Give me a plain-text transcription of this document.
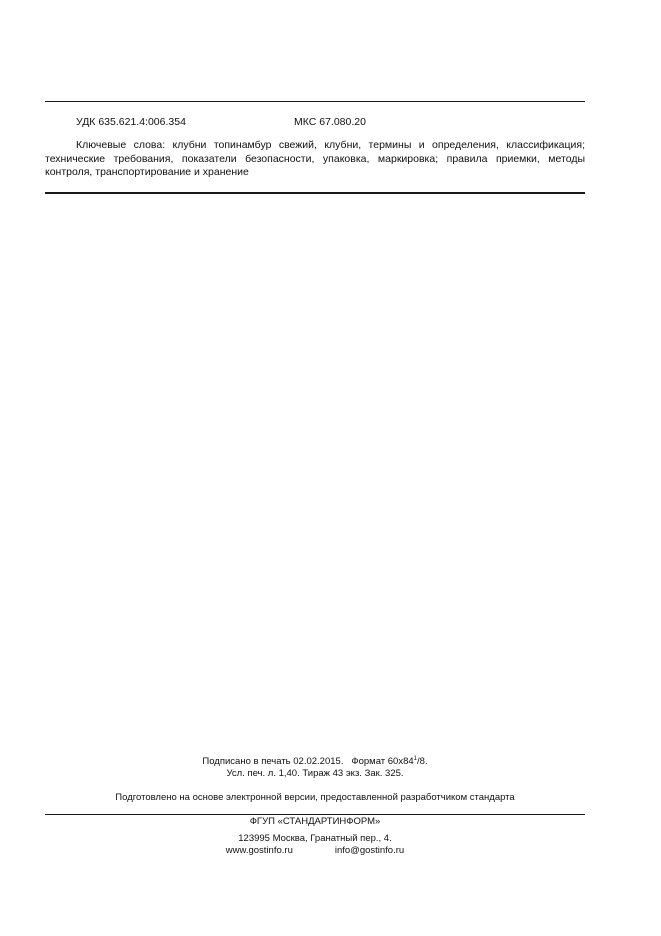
УДК 635.621.4:006.354	МКС 67.080.20
Ключевые слова: клубни топинамбур свежий, клубни, термины и определения, классификация; технические требования, показатели безопасности, упаковка, маркировка; правила приемки, методы контроля, транспортирование и хранение
Подписано в печать 02.02.2015. Формат $60х84^1/8$.
Усл. печ. л. 1,40. Тираж 43 экз. Зак. 325.
Подготовлено на основе электронной версии, предоставленной разработчиком стандарта
ФГУП «СТАНДАРТИНФОРМ»
123995 Москва, Гранатный пер., 4.
www.gostinfo.ru	info@gostinfo.ru
